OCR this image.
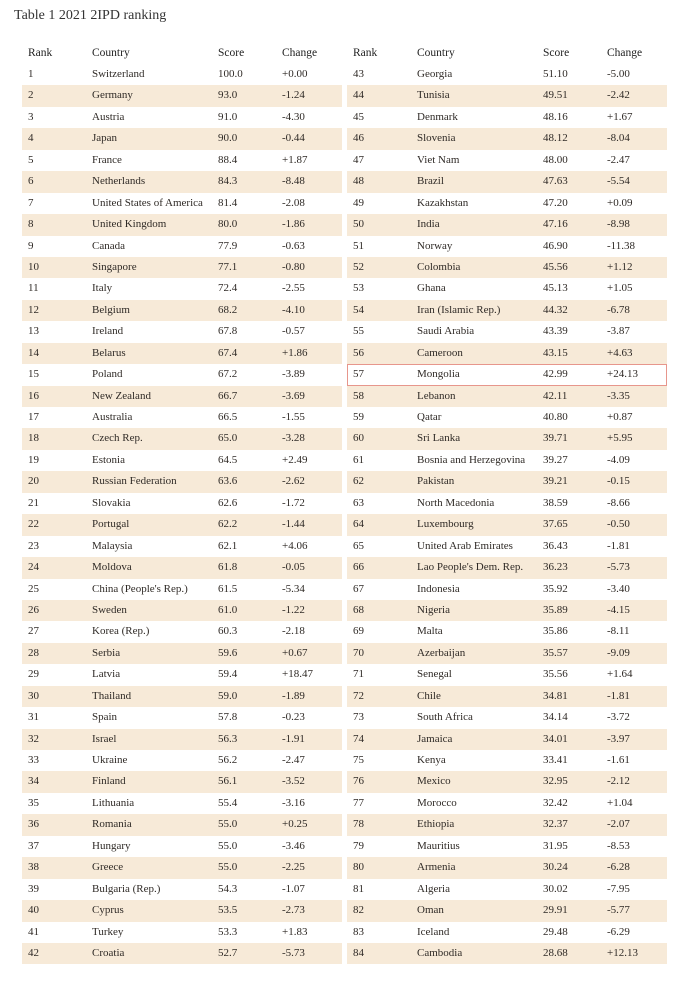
Table 1 2021 2IPD ranking
Rank	Country	Score	Change
1	Switzerland	100.0	+0.00
2	Germany	93.0	-1.24
3	Austria	91.0	-4.30
4	Japan	90.0	-0.44
5	France	88.4	+1.87
6	Netherlands	84.3	-8.48
7	United States of America 81.4	-2.08
8	United Kingdom	80.0	-1.86
9	Canada	77.9	-0.63
10	Singapore	77.1	-0.80
11	Italy	72.4	-2.55
12	Belgium	68.2	-4.10
13	Ireland	67.8	-0.57
14	Belarus	67.4	+1.86
15	Poland	67.2	-3.89
16	New Zealand	66.7	-3.69
17	Australia	66.5	-1.55
18	Czech Rep.	65.0	-3.28
19	Estonia	64.5	+2.49
20	Russian Federation	63.6	-2.62
21	Slovakia	62.6	-1.72
22	Portugal	62.2	-1.44
23	Malaysia	62.1	+4.06
24	Moldova	61.8	-0.05
25	China (People's Rep.)	61.5	-5.34
26	Sweden	61.0	-1.22
27	Korea (Rep.)	60.3	-2.18
28	Serbia	59.6	+0.67
29	Latvia	59.4	+18.47
30	Thailand	59.0	-1.89
31	Spain	57.8	-0.23
32	Israel	56.3	-1.91
33	Ukraine	56.2	-2.47
34	Finland	56.1	-3.52
35	Lithuania	55.4	-3.16
36	Romania	55.0	+0.25
37	Hungary	55.0	-3.46
38	Greece	55.0	-2.25
39	Bulgaria (Rep.)	54.3	-1.07
40	Cyprus	53.5	-2.73
41	Turkey	53.3	+1.83
42	Croatia	52.7	-5.73
Rank	Country	Score	Change
43	Georgia	51.10	-5.00
44	Tunisia	49.51	-2.42
45	Denmark	48.16	+1.67
46	Slovenia	48.12	-8.04
47	Viet Nam	48.00	-2.47
48	Brazil	47.63	-5.54
49	Kazakhstan	47.20	+0.09
50	India	47.16	-8.98
51	Norway	46.90	-11.38
52	Colombia	45.56	+1.12
53	Ghana	45.13	+1.05
54	Iran (Islamic Rep.)	44.32	-6.78
55	Saudi Arabia	43.39	-3.87
56	Cameroon	43.15	+4.63
57	Mongolia	42.99	+24.13
58	Lebanon	42.11	-3.35
59	Qatar	40.80	+0.87
60	Sri Lanka	39.71	+5.95
61	Bosnia and Herzegovina 39.27	-4.09
62	Pakistan	39.21	-0.15
63	North Macedonia	38.59	-8.66
64	Luxembourg	37.65	-0.50
65	United Arab Emirates	36.43	-1.81
66	Lao People's Dem. Rep. 36.23	-5.73
67	Indonesia	35.92	-3.40
68	Nigeria	35.89	-4.15
69	Malta	35.86	-8.11
70	Azerbaijan	35.57	-9.09
71	Senegal	35.56	+1.64
72	Chile	34.81	-1.81
73	South Africa	34.14	-3.72
74	Jamaica	34.01	-3.97
75	Kenya	33.41	-1.61
76	Mexico	32.95	-2.12
77	Morocco	32.42	+1.04
78	Ethiopia	32.37	-2.07
79	Mauritius	31.95	-8.53
80	Armenia	30.24	-6.28
81	Algeria	30.02	-7.95
82	Oman	29.91	-5.77
83	Iceland	29.48	-6.29
84	Cambodia	28.68	+12.13
